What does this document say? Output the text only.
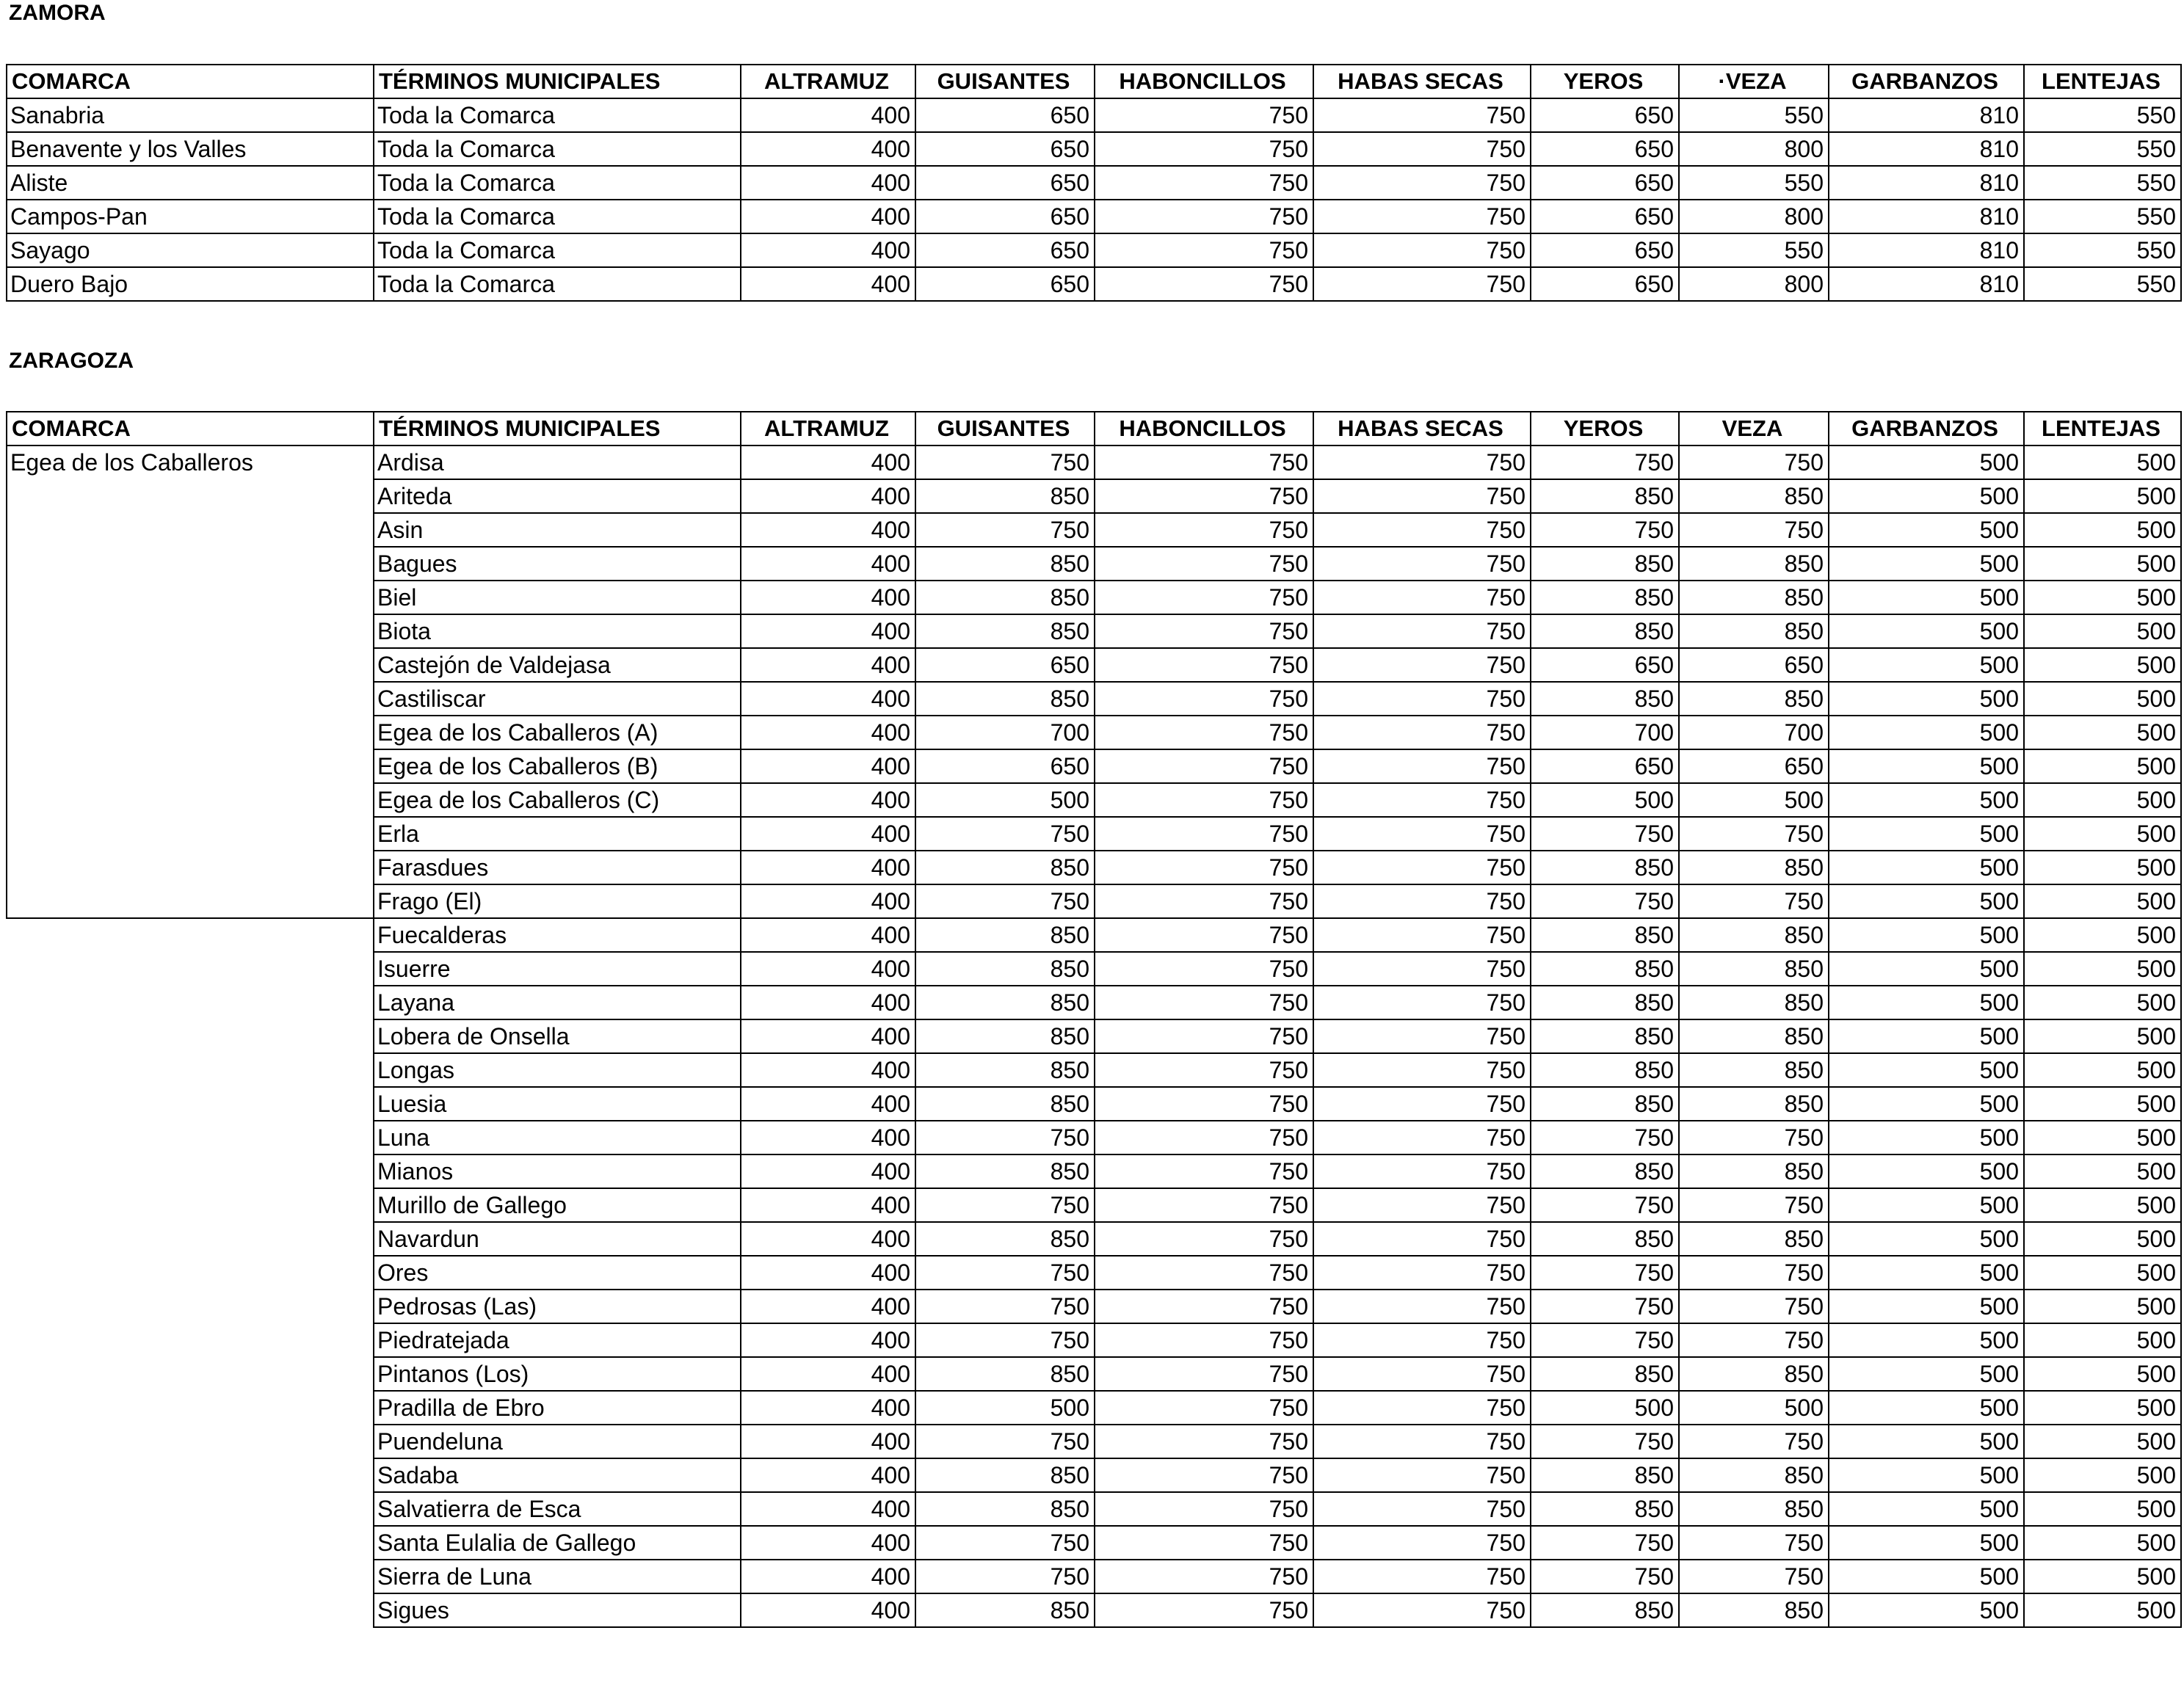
ZAMORA
COMARCA	TÉRMINOS MUNICIPALES	ALTRAMUZ	GUISANTES	HABONCILLOS	HABAS SECAS	YEROS	·VEZA	GARBANZOS	LENTEJAS
Sanabria	Toda la Comarca	400	650	750	750	650	550	810	550
Benavente y los Valles	Toda la Comarca	400	650	750	750	650	800	810	550
Aliste	Toda la Comarca	400	650	750	750	650	550	810	550
Campos-Pan	Toda la Comarca	400	650	750	750	650	800	810	550
Sayago	Toda la Comarca	400	650	750	750	650	550	810	550
Duero Bajo	Toda la Comarca	400	650	750	750	650	800	810	550
ZARAGOZA
COMARCA	TÉRMINOS MUNICIPALES	ALTRAMUZ	GUISANTES	HABONCILLOS	HABAS SECAS	YEROS	VEZA	GARBANZOS	LENTEJAS
Egea de los Caballeros	Ardisa	400	750	750	750	750	750	500	500
	Ariteda	400	850	750	750	850	850	500	500
	Asin	400	750	750	750	750	750	500	500
	Bagues	400	850	750	750	850	850	500	500
	Biel	400	850	750	750	850	850	500	500
	Biota	400	850	750	750	850	850	500	500
	Castejón de Valdejasa	400	650	750	750	650	650	500	500
	Castiliscar	400	850	750	750	850	850	500	500
	Egea de los Caballeros (A)	400	700	750	750	700	700	500	500
	Egea de los Caballeros (B)	400	650	750	750	650	650	500	500
	Egea de los Caballeros (C)	400	500	750	750	500	500	500	500
	Erla	400	750	750	750	750	750	500	500
	Farasdues	400	850	750	750	850	850	500	500
	Frago (El)	400	750	750	750	750	750	500	500
	Fuecalderas	400	850	750	750	850	850	500	500
	Isuerre	400	850	750	750	850	850	500	500
	Layana	400	850	750	750	850	850	500	500
	Lobera de Onsella	400	850	750	750	850	850	500	500
	Longas	400	850	750	750	850	850	500	500
	Luesia	400	850	750	750	850	850	500	500
	Luna	400	750	750	750	750	750	500	500
	Mianos	400	850	750	750	850	850	500	500
	Murillo de Gallego	400	750	750	750	750	750	500	500
	Navardun	400	850	750	750	850	850	500	500
	Ores	400	750	750	750	750	750	500	500
	Pedrosas (Las)	400	750	750	750	750	750	500	500
	Piedratejada	400	750	750	750	750	750	500	500
	Pintanos (Los)	400	850	750	750	850	850	500	500
	Pradilla de Ebro	400	500	750	750	500	500	500	500
	Puendeluna	400	750	750	750	750	750	500	500
	Sadaba	400	850	750	750	850	850	500	500
	Salvatierra de Esca	400	850	750	750	850	850	500	500
	Santa Eulalia de Gallego	400	750	750	750	750	750	500	500
	Sierra de Luna	400	750	750	750	750	750	500	500
	Sigues	400	850	750	750	850	850	500	500
